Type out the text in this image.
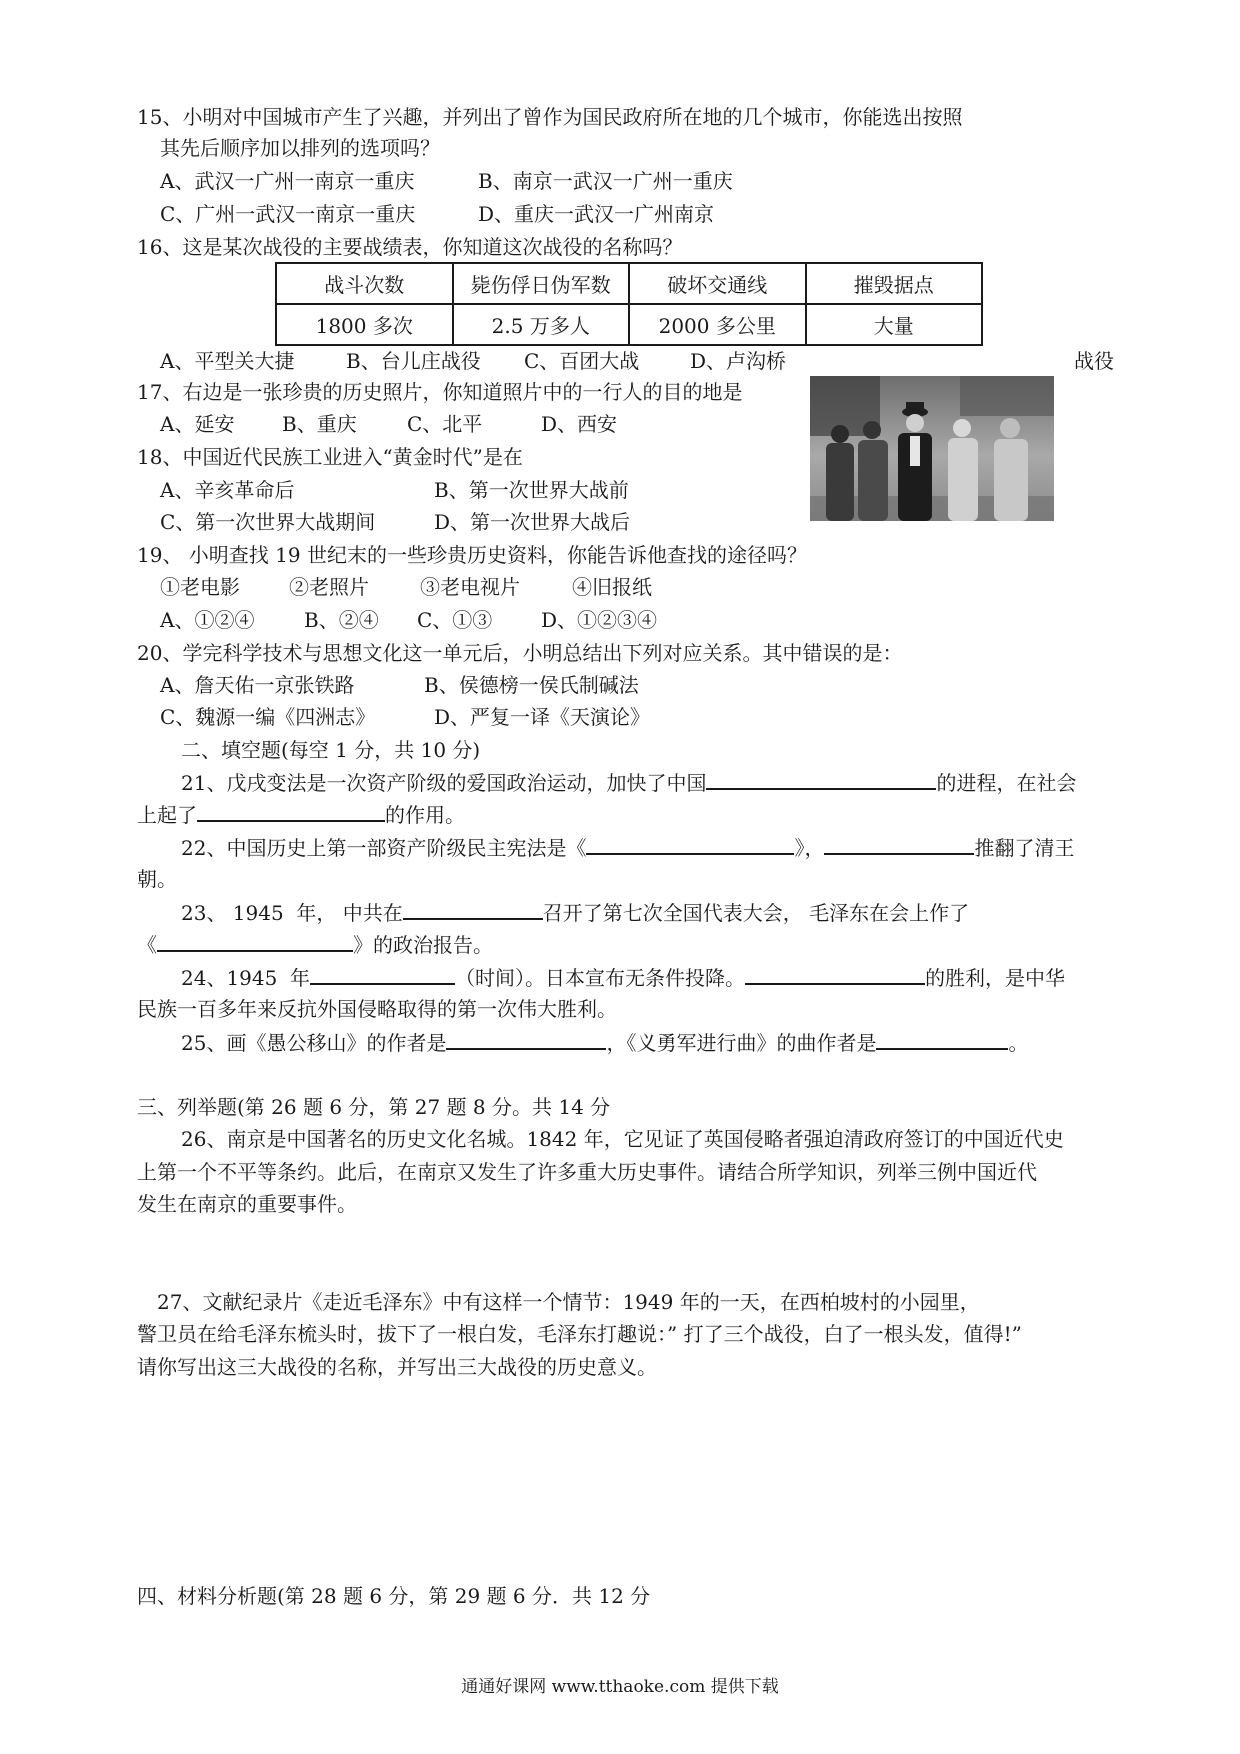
15、小明对中国城市产生了兴趣，并列出了曾作为国民政府所在地的几个城市，你能选出按照
其先后顺序加以排列的选项吗？
A、武汉一广州一南京一重庆	B、南京一武汉一广州一重庆
C、广州一武汉一南京一重庆	D、重庆一武汉一广州南京
16、这是某次战役的主要战绩表，你知道这次战役的名称吗？
战斗次数	毙伤俘日伪军数	破坏交通线	摧毁据点
1800 多次	2.5 万多人	2000 多公里	大量
A、平型关大捷	B、台儿庄战役 C、百团大战	D、卢沟桥	战役
17、右边是一张珍贵的历史照片，你知道照片中的一行人的目的地是
A、延安 B、重庆	C、北平	D、西安
18、中国近代民族工业进入“黄金时代”是在
A、辛亥革命后	B、第一次世界大战前
C、第一次世界大战期间	D、第一次世界大战后
19、 小明查找 19 世纪末的一些珍贵历史资料，你能告诉他查找的途径吗？
①老电影 ②老照片	③老电视片	④旧报纸
A、①②④ B、②④ C、①③ D、①②③④
20、学完科学技术与思想文化这一单元后，小明总结出下列对应关系。其中错误的是：
A、詹天佑一京张铁路	B、侯德榜一侯氏制碱法
C、魏源一编《四洲志》	D、严复一译《天演论》
二、填空题(每空 1 分，共 10 分)
21、戊戌变法是一次资产阶级的爱国政治运动，加快了中国	的进程，在社会
上起了	的作用。
22、中国历史上第一部资产阶级民主宪法是《	》，	推翻了清王
朝。
23、 1945  年， 中共在	召开了第七次全国代表大会， 毛泽东在会上作了
《	》的政治报告。
24、1945  年	（时间）。日本宣布无条件投降。	的胜利，是中华
民族一百多年来反抗外国侵略取得的第一次伟大胜利。
25、画《愚公移山》的作者是	，《义勇军进行曲》的曲作者是	。
三、列举题(第 26 题 6 分，第 27 题 8 分。共 14 分
26、南京是中国著名的历史文化名城。1842 年，它见证了英国侵略者强迫清政府签订的中国近代史
上第一个不平等条约。此后，在南京又发生了许多重大历史事件。请结合所学知识，列举三例中国近代
发生在南京的重要事件。
27、文献纪录片《走近毛泽东》中有这样一个情节：1949 年的一天，在西柏坡村的小园里，
警卫员在给毛泽东梳头时，拔下了一根白发，毛泽东打趣说：” 打了三个战役，白了一根头发，值得!”
请你写出这三大战役的名称，并写出三大战役的历史意义。
四、材料分析题(第 28 题 6 分，第 29 题 6 分．共 12 分
通通好课网 www.tthaoke.com 提供下载
